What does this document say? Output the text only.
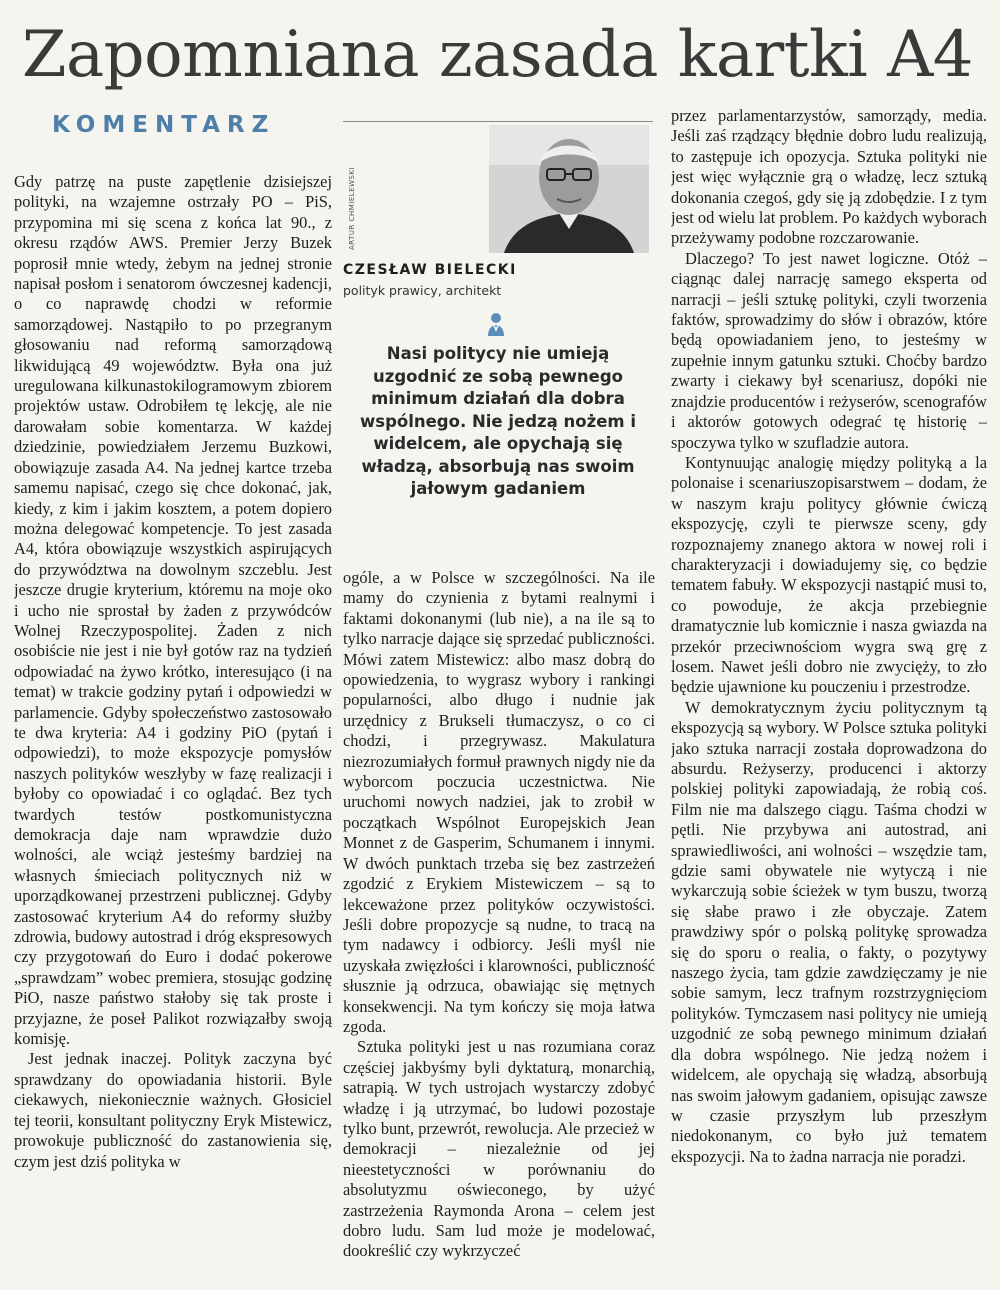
Zapomniana zasada kartki A4
KOMENTARZ

Gdy patrzę na puste zapętlenie dzisiejszej polityki, na wzajemne ostrzały PO – PiS, przypomina mi się scena z końca lat 90., z okresu rządów AWS. Premier Jerzy Buzek poprosił mnie wtedy, żebym na jednej stronie napisał posłom i senatorom ówczesnej kadencji, o co naprawdę chodzi w reformie samorządowej. Nastąpiło to po przegranym głosowaniu nad reformą samorządową likwidującą 49 województw. Była ona już uregulowana kilkunastokilogramowym zbiorem projektów ustaw. Odrobiłem tę lekcję, ale nie darowałam sobie komentarza. W każdej dziedzinie, powiedziałem Jerzemu Buzkowi, obowiązuje zasada A4. Na jednej kartce trzeba samemu napisać, czego się chce dokonać, jak, kiedy, z kim i jakim kosztem, a potem dopiero można delegować kompetencje. To jest zasada A4, która obowiązuje wszystkich aspirujących do przywództwa na dowolnym szczeblu. Jest jeszcze drugie kryterium, któremu na moje oko i ucho nie sprostał by żaden z przywódców Wolnej Rzeczypospolitej. Żaden z nich osobiście nie jest i nie był gotów raz na tydzień odpowiadać na żywo krótko, interesująco (i na temat) w trakcie godziny pytań i odpowiedzi w parlamencie. Gdyby społeczeństwo zastosowało te dwa kryteria: A4 i godziny PiO (pytań i odpowiedzi), to może ekspozycje pomysłów naszych polityków weszłyby w fazę realizacji i byłoby co opowiadać i co oglądać. Bez tych twardych testów postkomunistyczna demokracja daje nam wprawdzie dużo wolności, ale wciąż jesteśmy bardziej na własnych śmieciach politycznych niż w uporządkowanej przestrzeni publicznej. Gdyby zastosować kryterium A4 do reformy służby zdrowia, budowy autostrad i dróg ekspresowych czy przygotowań do Euro i dodać pokerowe „sprawdzam” wobec premiera, stosując godzinę PiO, nasze państwo stałoby się tak proste i przyjazne, że poseł Palikot rozwiązałby swoją komisję.

Jest jednak inaczej. Polityk zaczyna być sprawdzany do opowiadania historii. Byle ciekawych, niekoniecznie ważnych. Głosiciel tej teorii, konsultant polityczny Eryk Mistewicz, prowokuje publiczność do zastanowienia się, czym jest dziś polityka w

ARTUR CHMIELEWSKI
CZESŁAW BIELECKI
polityk prawicy, architekt
Nasi politycy nie umieją uzgodnić ze sobą pewnego minimum działań dla dobra wspólnego. Nie jedzą nożem i widelcem, ale opychają się władzą, absorbują nas swoim jałowym gadaniem

ogóle, a w Polsce w szczególności. Na ile mamy do czynienia z bytami realnymi i faktami dokonanymi (lub nie), a na ile są to tylko narracje dające się sprzedać publiczności. Mówi zatem Mistewicz: albo masz dobrą do opowiedzenia, to wygrasz wybory i rankingi popularności, albo długo i nudnie jak urzędnicy z Brukseli tłumaczysz, o co ci chodzi, i przegrywasz. Makulatura niezrozumiałych formuł prawnych nigdy nie da wyborcom poczucia uczestnictwa. Nie uruchomi nowych nadziei, jak to zrobił w początkach Wspólnot Europejskich Jean Monnet z de Gasperim, Schumanem i innymi. W dwóch punktach trzeba się bez zastrzeżeń zgodzić z Erykiem Mistewiczem – są to lekceważone przez polityków oczywistości. Jeśli dobre propozycje są nudne, to tracą na tym nadawcy i odbiorcy. Jeśli myśl nie uzyskała zwięzłości i klarowności, publiczność słusznie ją odrzuca, obawiając się mętnych konsekwencji. Na tym kończy się moja łatwa zgoda.

Sztuka polityki jest u nas rozumiana coraz częściej jakbyśmy byli dyktaturą, monarchią, satrapią. W tych ustrojach wystarczy zdobyć władzę i ją utrzymać, bo ludowi pozostaje tylko bunt, przewrót, rewolucja. Ale przecież w demokracji – niezależnie od jej nieestetyczności w porównaniu do absolutyzmu oświeconego, by użyć zastrzeżenia Raymonda Arona – celem jest dobro ludu. Sam lud może je modelować, dookreślić czy wykrzyczeć

przez parlamentarzystów, samorządy, media. Jeśli zaś rządzący błędnie dobro ludu realizują, to zastępuje ich opozycja. Sztuka polityki nie jest więc wyłącznie grą o władzę, lecz sztuką dokonania czegoś, gdy się ją zdobędzie. I z tym jest od wielu lat problem. Po każdych wyborach przeżywamy podobne rozczarowanie.

Dlaczego? To jest nawet logiczne. Otóż – ciągnąc dalej narrację samego eksperta od narracji – jeśli sztukę polityki, czyli tworzenia faktów, sprowadzimy do słów i obrazów, które będą opowiadaniem jeno, to jesteśmy w zupełnie innym gatunku sztuki. Choćby bardzo zwarty i ciekawy był scenariusz, dopóki nie znajdzie producentów i reżyserów, scenografów i aktorów gotowych odegrać tę historię – spoczywa tylko w szufladzie autora.

Kontynuując analogię między polityką a la polonaise i scenariuszopisarstwem – dodam, że w naszym kraju politycy głównie ćwiczą ekspozycję, czyli te pierwsze sceny, gdy rozpoznajemy znanego aktora w nowej roli i charakteryzacji i dowiadujemy się, co będzie tematem fabuły. W ekspozycji nastąpić musi to, co powoduje, że akcja przebiegnie dramatycznie lub komicznie i nasza gwiazda na przekór przeciwnościom wygra swą grę z losem. Nawet jeśli dobro nie zwycięży, to zło będzie ujawnione ku pouczeniu i przestrodze.

W demokratycznym życiu politycznym tą ekspozycją są wybory. W Polsce sztuka polityki jako sztuka narracji została doprowadzona do absurdu. Reżyserzy, producenci i aktorzy polskiej polityki zapowiadają, że robią coś. Film nie ma dalszego ciągu. Taśma chodzi w pętli. Nie przybywa ani autostrad, ani sprawiedliwości, ani wolności – wszędzie tam, gdzie sami obywatele nie wytyczą i nie wykarczują sobie ścieżek w tym buszu, tworzą się słabe prawo i złe obyczaje. Zatem prawdziwy spór o polską politykę sprowadza się do sporu o realia, o fakty, o pozytywy naszego życia, tam gdzie zawdzięczamy je nie sobie samym, lecz trafnym rozstrzygnięciom polityków. Tymczasem nasi politycy nie umieją uzgodnić ze sobą pewnego minimum działań dla dobra wspólnego. Nie jedzą nożem i widelcem, ale opychają się władzą, absorbują nas swoim jałowym gadaniem, opisując zawsze w czasie przyszłym lub przeszłym niedokonanym, co było już tematem ekspozycji. Na to żadna narracja nie poradzi.
